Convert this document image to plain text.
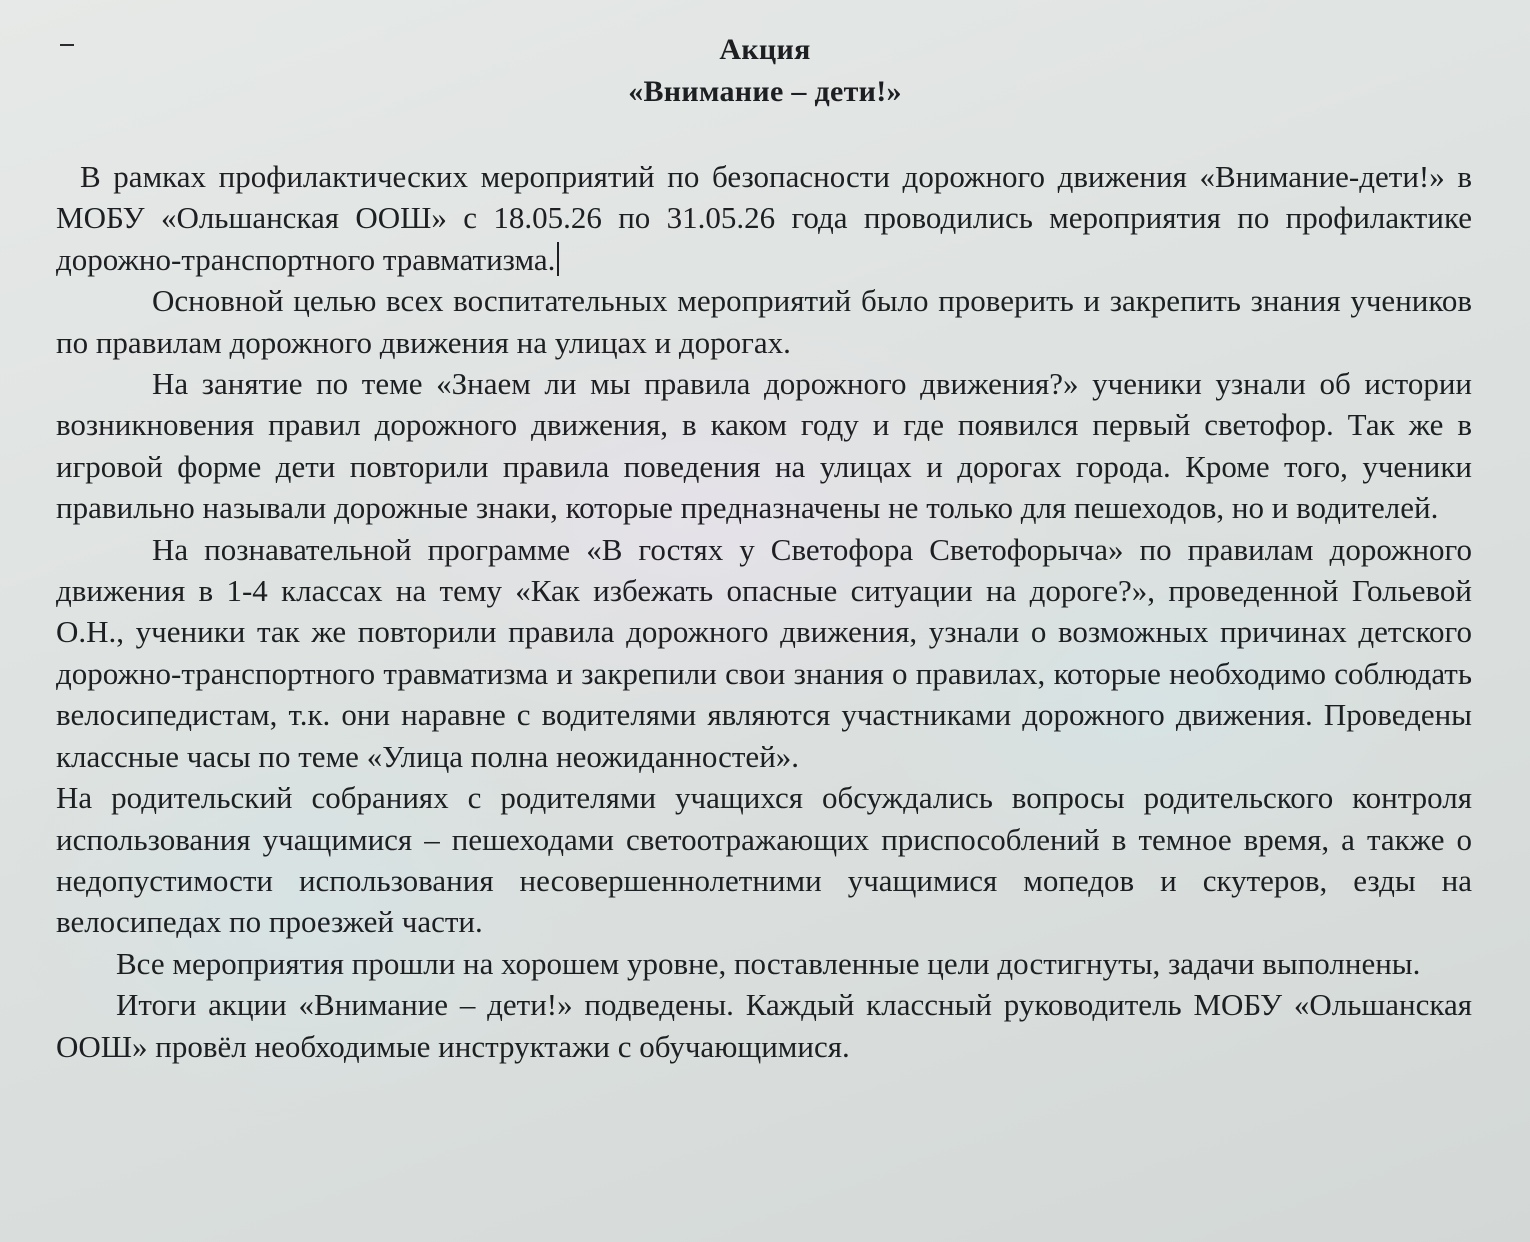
Акция
«Внимание – дети!»

В рамках профилактических мероприятий по безопасности дорожного движения «Внимание-дети!» в МОБУ «Ольшанская ООШ» с 18.05.26 по 31.05.26 года проводились мероприятия по профилактике дорожно-транспортного травматизма.

Основной целью всех воспитательных мероприятий было проверить и закрепить знания учеников по правилам дорожного движения на улицах и дорогах.

На занятие по теме «Знаем ли мы правила дорожного движения?» ученики узнали об истории возникновения правил дорожного движения, в каком году и где появился первый светофор. Так же в игровой форме дети повторили правила поведения на улицах и дорогах города. Кроме того, ученики правильно называли дорожные знаки, которые предназначены не только для пешеходов, но и водителей.

На познавательной программе «В гостях у Светофора Светофорыча» по правилам дорожного движения в 1-4 классах на тему «Как избежать опасные ситуации на дороге?», проведенной Гольевой О.Н., ученики так же повторили правила дорожного движения, узнали о возможных причинах детского дорожно-транспортного травматизма и закрепили свои знания о правилах, которые необходимо соблюдать велосипедистам, т.к. они наравне с водителями являются участниками дорожного движения. Проведены классные часы по теме «Улица полна неожиданностей».

На родительский собраниях с родителями учащихся обсуждались вопросы родительского контроля использования учащимися – пешеходами светоотражающих приспособлений в темное время, а также о недопустимости использования несовершеннолетними учащимися мопедов и скутеров, езды на велосипедах по проезжей части.

Все мероприятия прошли на хорошем уровне, поставленные цели достигнуты, задачи выполнены.

Итоги акции «Внимание – дети!» подведены. Каждый классный руководитель МОБУ «Ольшанская ООШ» провёл необходимые инструктажи с обучающимися.
